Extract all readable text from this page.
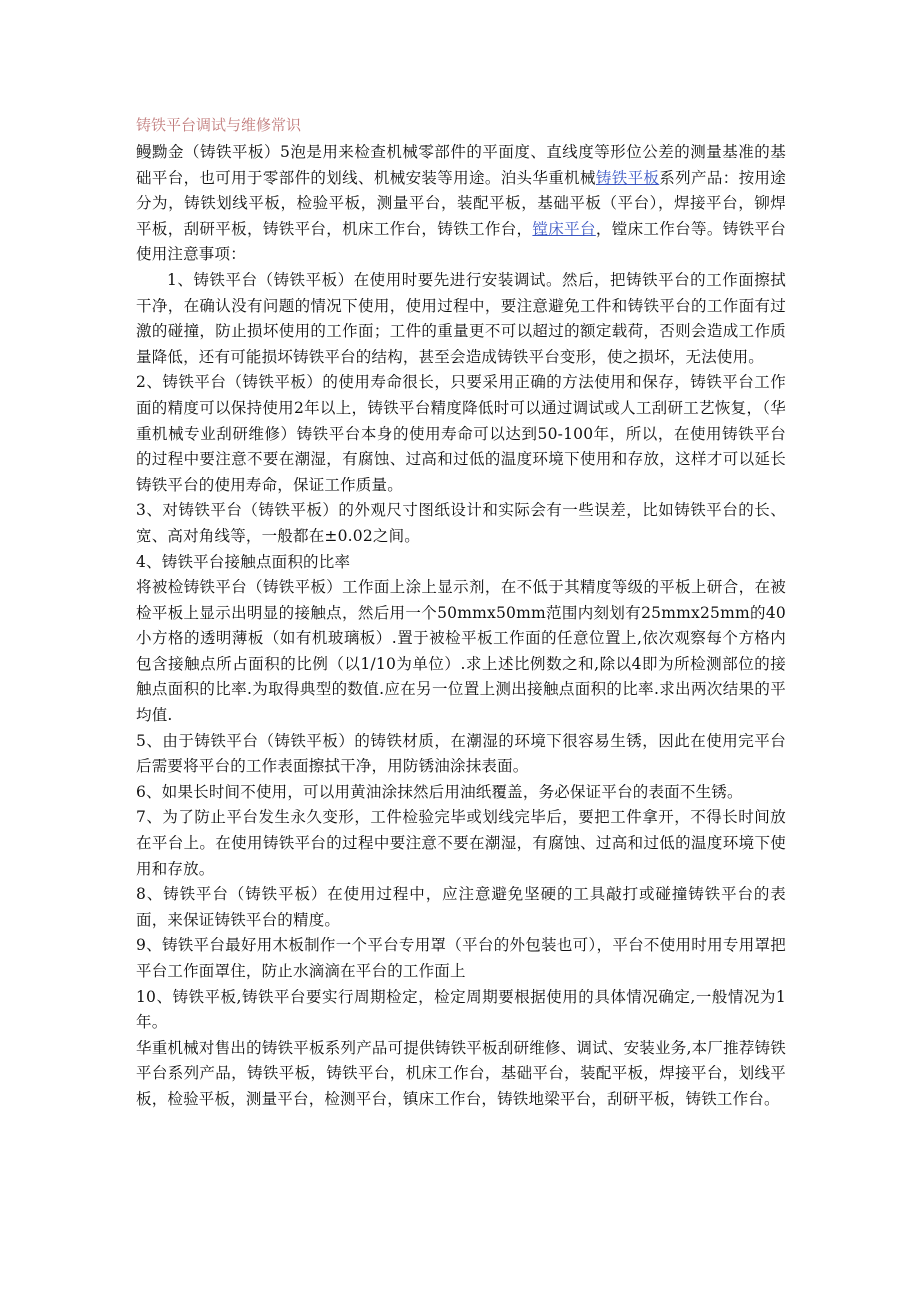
铸铁平台调试与维修常识

鳗黝金（铸铁平板）5泡是用来检查机械零部件的平面度、直线度等形位公差的测量基准的基础平台，也可用于零部件的划线、机械安装等用途。泊头华重机械铸铁平板系列产品：按用途分为，铸铁划线平板，检验平板，测量平台，装配平板，基础平板（平台），焊接平台，铆焊平板，刮研平板，铸铁平台，机床工作台，铸铁工作台，镗床平台，镗床工作台等。铸铁平台使用注意事项：

1、铸铁平台（铸铁平板）在使用时要先进行安装调试。然后，把铸铁平台的工作面擦拭干净，在确认没有问题的情况下使用，使用过程中，要注意避免工件和铸铁平台的工作面有过激的碰撞，防止损坏使用的工作面；工件的重量更不可以超过的额定载荷，否则会造成工作质量降低，还有可能损坏铸铁平台的结构，甚至会造成铸铁平台变形，使之损坏，无法使用。

2、铸铁平台（铸铁平板）的使用寿命很长，只要采用正确的方法使用和保存，铸铁平台工作面的精度可以保持使用2年以上，铸铁平台精度降低时可以通过调试或人工刮研工艺恢复，（华重机械专业刮研维修）铸铁平台本身的使用寿命可以达到50-100年，所以，在使用铸铁平台的过程中要注意不要在潮湿，有腐蚀、过高和过低的温度环境下使用和存放，这样才可以延长铸铁平台的使用寿命，保证工作质量。

3、对铸铁平台（铸铁平板）的外观尺寸图纸设计和实际会有一些误差，比如铸铁平台的长、宽、高对角线等，一般都在±0.02之间。

4、铸铁平台接触点面积的比率

将被检铸铁平台（铸铁平板）工作面上涂上显示剂，在不低于其精度等级的平板上研合，在被检平板上显示出明显的接触点，然后用一个50mmx50mm范围内刻划有25mmx25mm的40小方格的透明薄板（如有机玻璃板）.置于被检平板工作面的任意位置上,依次观察每个方格内包含接触点所占面积的比例（以1/10为单位）.求上述比例数之和,除以4即为所检测部位的接触点面积的比率.为取得典型的数值.应在另一位置上测出接触点面积的比率.求出两次结果的平均值.

5、由于铸铁平台（铸铁平板）的铸铁材质，在潮湿的环境下很容易生锈，因此在使用完平台后需要将平台的工作表面擦拭干净，用防锈油涂抹表面。

6、如果长时间不使用，可以用黄油涂抹然后用油纸覆盖，务必保证平台的表面不生锈。

7、为了防止平台发生永久变形，工件检验完毕或划线完毕后，要把工件拿开，不得长时间放在平台上。在使用铸铁平台的过程中要注意不要在潮湿，有腐蚀、过高和过低的温度环境下使用和存放。

8、铸铁平台（铸铁平板）在使用过程中，应注意避免坚硬的工具敲打或碰撞铸铁平台的表面，来保证铸铁平台的精度。

9、铸铁平台最好用木板制作一个平台专用罩（平台的外包装也可），平台不使用时用专用罩把平台工作面罩住，防止水滴滴在平台的工作面上

10、铸铁平板,铸铁平台要实行周期检定，检定周期要根据使用的具体情况确定,一般情况为1年。

华重机械对售出的铸铁平板系列产品可提供铸铁平板刮研维修、调试、安装业务,本厂推荐铸铁平台系列产品，铸铁平板，铸铁平台，机床工作台，基础平台，装配平板，焊接平台，划线平板，检验平板，测量平台，检测平台，镇床工作台，铸铁地梁平台，刮研平板，铸铁工作台。
